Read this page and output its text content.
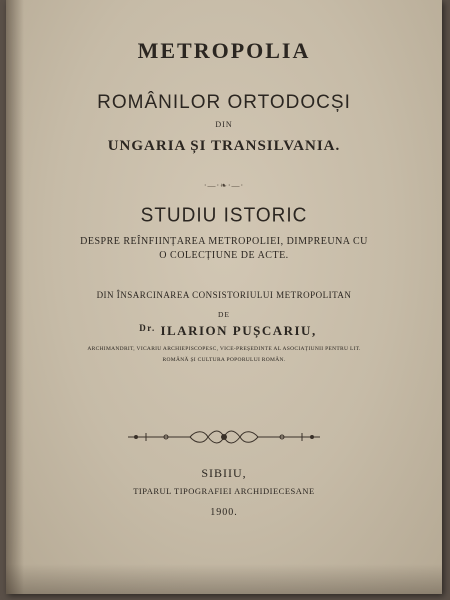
METROPOLIA
ROMÂNILOR ORTODOCȘI
DIN
UNGARIA ȘI TRANSILVANIA.
·—·❧·—·
STUDIU ISTORIC
DESPRE REÎNFIINȚAREA METROPOLIEI, DIMPREUNA CU
O COLECȚIUNE DE ACTE.
DIN ÎNSARCINAREA CONSISTORIULUI METROPOLITAN
DE
$^{Dr.}$ ILARION PUȘCARIU,
ARCHIMANDRIT, VICARIU ARCHIEPISCOPESC, VICE-PREȘEDINTE AL ASOCIAȚIUNII PENTRU LIT.
ROMÂNĂ ȘI CULTURA POPORULUI ROMÂN.
SIBIIU,
TIPARUL TIPOGRAFIEI ARCHIDIECESANE
1900.
